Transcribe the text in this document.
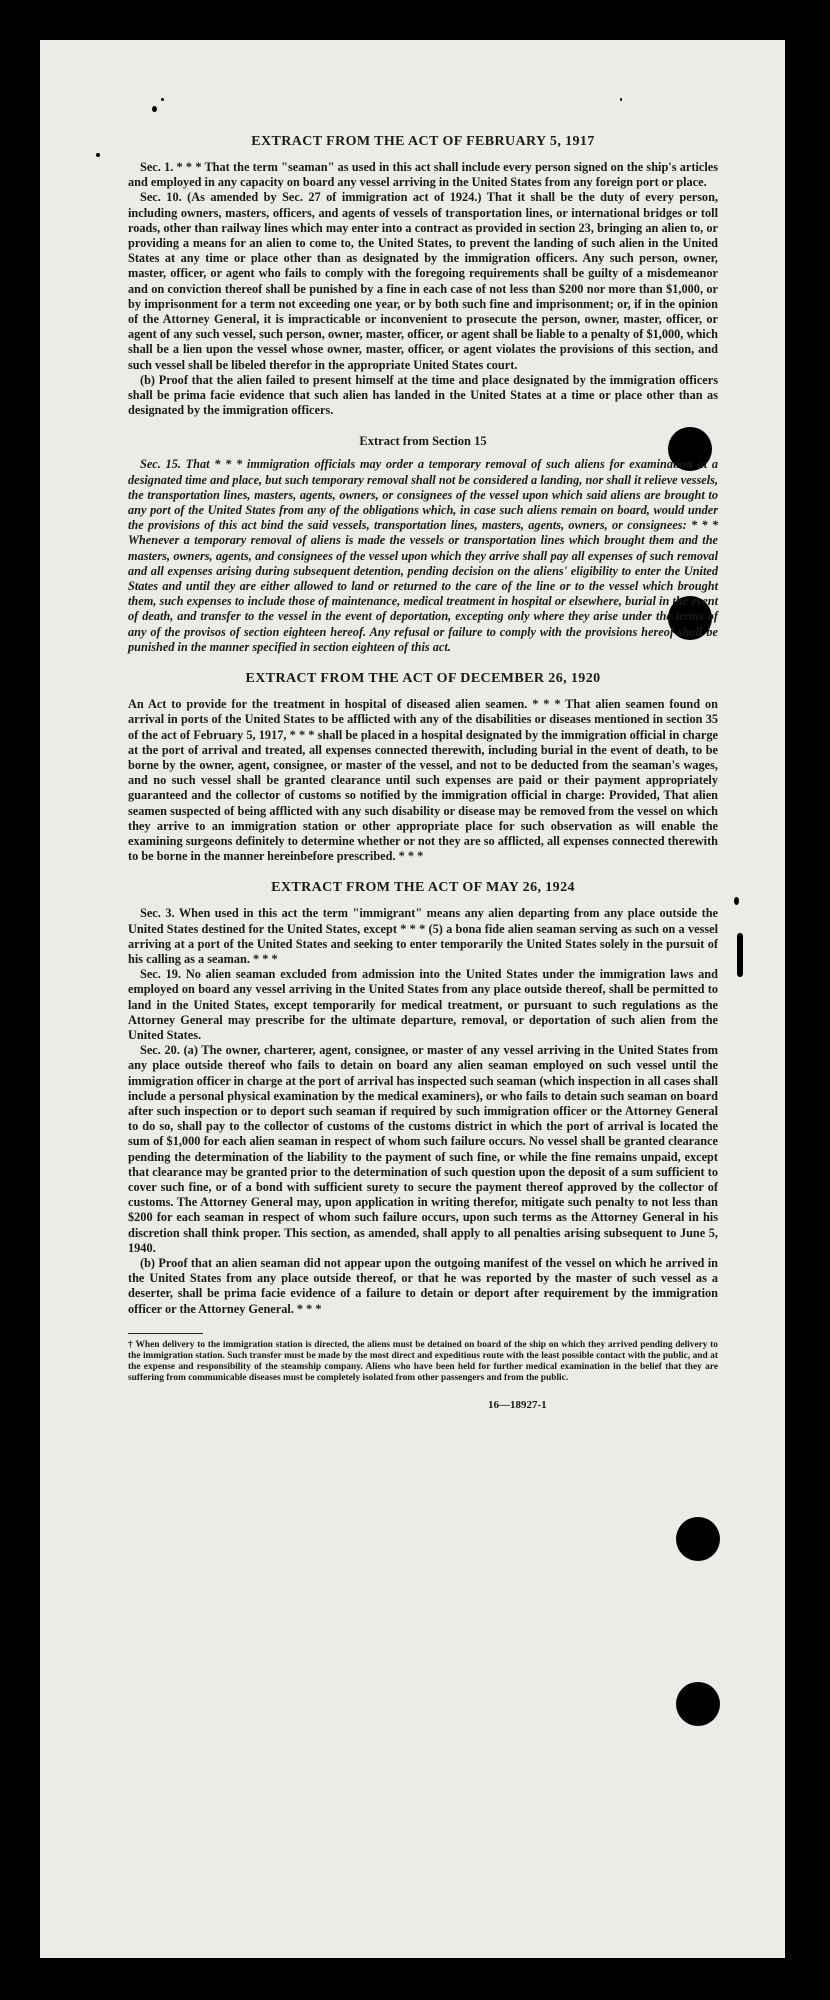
EXTRACT FROM THE ACT OF FEBRUARY 5, 1917

Sec. 1. * * * That the term "seaman" as used in this act shall include every person signed on the ship's articles and employed in any capacity on board any vessel arriving in the United States from any foreign port or place.

Sec. 10. (As amended by Sec. 27 of immigration act of 1924.) That it shall be the duty of every person, including owners, masters, officers, and agents of vessels of transportation lines, or international bridges or toll roads, other than railway lines which may enter into a contract as provided in section 23, bringing an alien to, or providing a means for an alien to come to, the United States, to prevent the landing of such alien in the United States at any time or place other than as designated by the immigration officers. Any such person, owner, master, officer, or agent who fails to comply with the foregoing requirements shall be guilty of a misdemeanor and on conviction thereof shall be punished by a fine in each case of not less than $200 nor more than $1,000, or by imprisonment for a term not exceeding one year, or by both such fine and imprisonment; or, if in the opinion of the Attorney General, it is impracticable or inconvenient to prosecute the person, owner, master, officer, or agent of any such vessel, such person, owner, master, officer, or agent shall be liable to a penalty of $1,000, which shall be a lien upon the vessel whose owner, master, officer, or agent violates the provisions of this section, and such vessel shall be libeled therefor in the appropriate United States court.

(b) Proof that the alien failed to present himself at the time and place designated by the immigration officers shall be prima facie evidence that such alien has landed in the United States at a time or place other than as designated by the immigration officers.

Extract from Section 15

Sec. 15. That * * * immigration officials may order a temporary removal of such aliens for examination at a designated time and place, but such temporary removal shall not be considered a landing, nor shall it relieve vessels, the transportation lines, masters, agents, owners, or consignees of the vessel upon which said aliens are brought to any port of the United States from any of the obligations which, in case such aliens remain on board, would under the provisions of this act bind the said vessels, transportation lines, masters, agents, owners, or consignees: * * * Whenever a temporary removal of aliens is made the vessels or transportation lines which brought them and the masters, owners, agents, and consignees of the vessel upon which they arrive shall pay all expenses of such removal and all expenses arising during subsequent detention, pending decision on the aliens' eligibility to enter the United States and until they are either allowed to land or returned to the care of the line or to the vessel which brought them, such expenses to include those of maintenance, medical treatment in hospital or elsewhere, burial in the event of death, and transfer to the vessel in the event of deportation, excepting only where they arise under the terms of any of the provisos of section eighteen hereof. Any refusal or failure to comply with the provisions hereof shall be punished in the manner specified in section eighteen of this act.

EXTRACT FROM THE ACT OF DECEMBER 26, 1920

An Act to provide for the treatment in hospital of diseased alien seamen. * * * That alien seamen found on arrival in ports of the United States to be afflicted with any of the disabilities or diseases mentioned in section 35 of the act of February 5, 1917, * * * shall be placed in a hospital designated by the immigration official in charge at the port of arrival and treated, all expenses connected therewith, including burial in the event of death, to be borne by the owner, agent, consignee, or master of the vessel, and not to be deducted from the seaman's wages, and no such vessel shall be granted clearance until such expenses are paid or their payment appropriately guaranteed and the collector of customs so notified by the immigration official in charge: Provided, That alien seamen suspected of being afflicted with any such disability or disease may be removed from the vessel on which they arrive to an immigration station or other appropriate place for such observation as will enable the examining surgeons definitely to determine whether or not they are so afflicted, all expenses connected therewith to be borne in the manner hereinbefore prescribed. * * *

EXTRACT FROM THE ACT OF MAY 26, 1924

Sec. 3. When used in this act the term "immigrant" means any alien departing from any place outside the United States destined for the United States, except * * * (5) a bona fide alien seaman serving as such on a vessel arriving at a port of the United States and seeking to enter temporarily the United States solely in the pursuit of his calling as a seaman. * * *

Sec. 19. No alien seaman excluded from admission into the United States under the immigration laws and employed on board any vessel arriving in the United States from any place outside thereof, shall be permitted to land in the United States, except temporarily for medical treatment, or pursuant to such regulations as the Attorney General may prescribe for the ultimate departure, removal, or deportation of such alien from the United States.

Sec. 20. (a) The owner, charterer, agent, consignee, or master of any vessel arriving in the United States from any place outside thereof who fails to detain on board any alien seaman employed on such vessel until the immigration officer in charge at the port of arrival has inspected such seaman (which inspection in all cases shall include a personal physical examination by the medical examiners), or who fails to detain such seaman on board after such inspection or to deport such seaman if required by such immigration officer or the Attorney General to do so, shall pay to the collector of customs of the customs district in which the port of arrival is located the sum of $1,000 for each alien seaman in respect of whom such failure occurs. No vessel shall be granted clearance pending the determination of the liability to the payment of such fine, or while the fine remains unpaid, except that clearance may be granted prior to the determination of such question upon the deposit of a sum sufficient to cover such fine, or of a bond with sufficient surety to secure the payment thereof approved by the collector of customs. The Attorney General may, upon application in writing therefor, mitigate such penalty to not less than $200 for each seaman in respect of whom such failure occurs, upon such terms as the Attorney General in his discretion shall think proper. This section, as amended, shall apply to all penalties arising subsequent to June 5, 1940.

(b) Proof that an alien seaman did not appear upon the outgoing manifest of the vessel on which he arrived in the United States from any place outside thereof, or that he was reported by the master of such vessel as a deserter, shall be prima facie evidence of a failure to detain or deport after requirement by the immigration officer or the Attorney General. * * *

† When delivery to the immigration station is directed, the aliens must be detained on board of the ship on which they arrived pending delivery to the immigration station. Such transfer must be made by the most direct and expeditious route with the least possible contact with the public, and at the expense and responsibility of the steamship company. Aliens who have been held for further medical examination in the belief that they are suffering from communicable diseases must be completely isolated from other passengers and from the public.

16—18927-1
